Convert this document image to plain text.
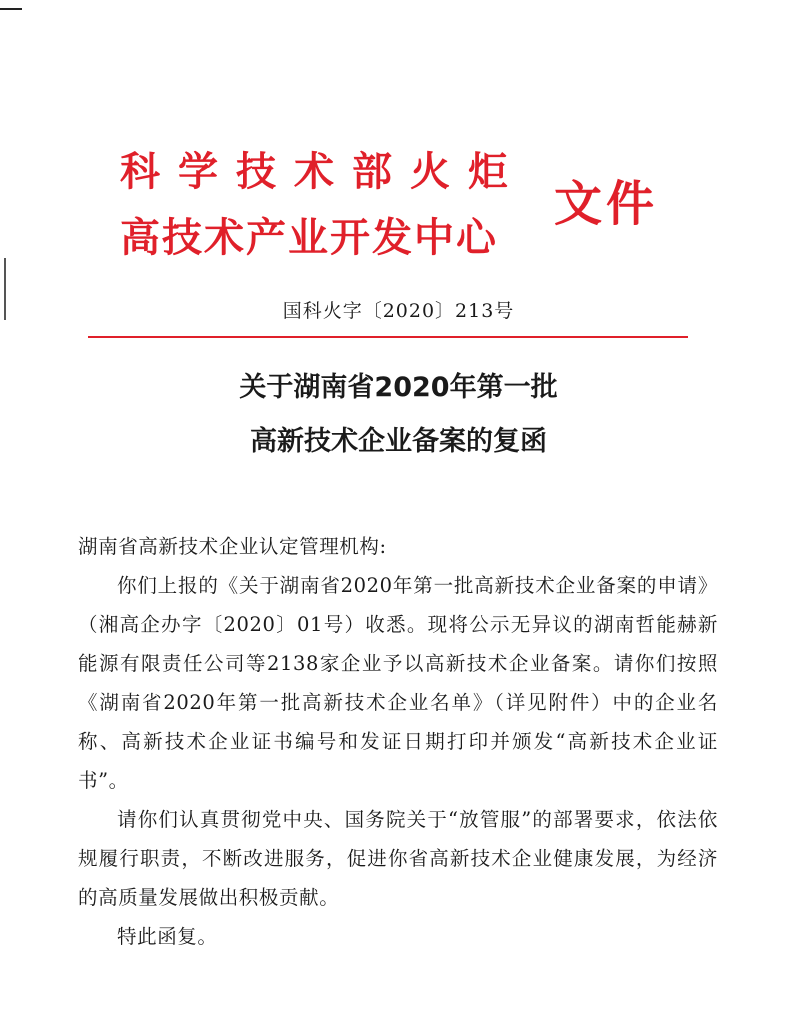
科学技术部火炬
高技术产业开发中心
文件
国科火字〔2020〕213号
关于湖南省2020年第一批
高新技术企业备案的复函

湖南省高新技术企业认定管理机构:

你们上报的《关于湖南省2020年第一批高新技术企业备案的申请》（湘高企办字〔2020〕01号）收悉。现将公示无异议的湖南哲能赫新能源有限责任公司等2138家企业予以高新技术企业备案。请你们按照《湖南省2020年第一批高新技术企业名单》（详见附件）中的企业名称、高新技术企业证书编号和发证日期打印并颁发“高新技术企业证书”。

请你们认真贯彻党中央、国务院关于“放管服”的部署要求，依法依规履行职责，不断改进服务，促进你省高新技术企业健康发展，为经济的高质量发展做出积极贡献。

特此函复。
